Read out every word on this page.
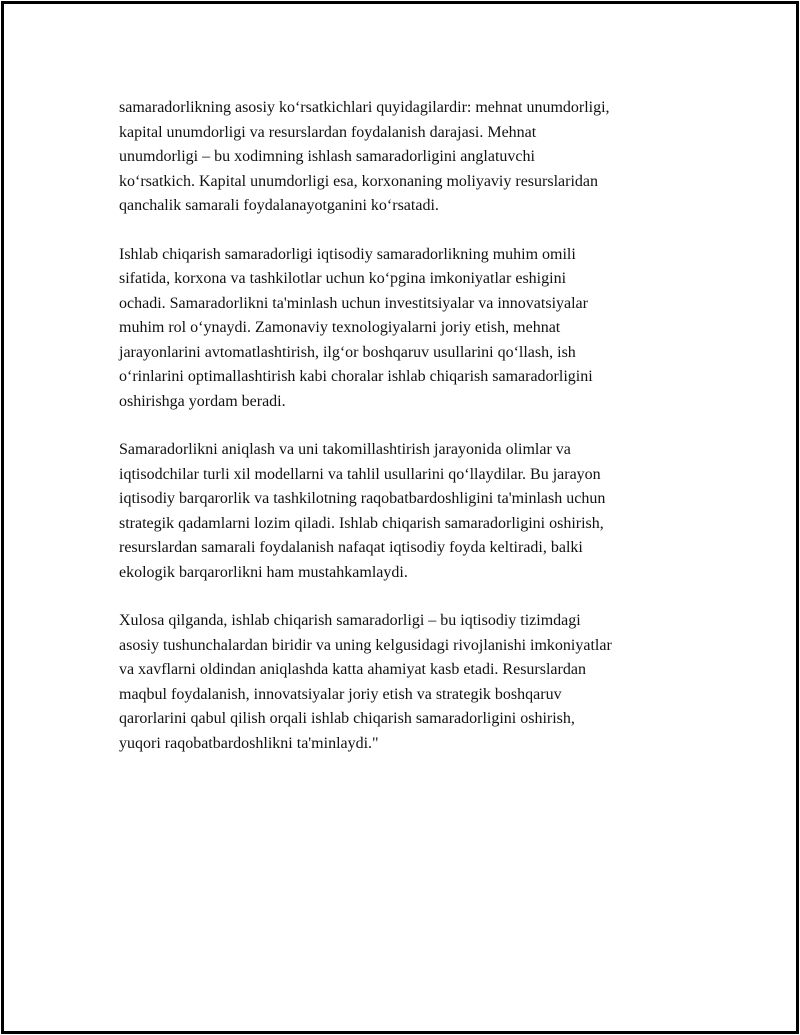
samaradorlikning asosiy ko‘rsatkichlari quyidagilardir: mehnat unumdorligi,
kapital unumdorligi va resurslardan foydalanish darajasi. Mehnat
unumdorligi – bu xodimning ishlash samaradorligini anglatuvchi
ko‘rsatkich. Kapital unumdorligi esa, korxonaning moliyaviy resurslaridan
qanchalik samarali foydalanayotganini ko‘rsatadi.

Ishlab chiqarish samaradorligi iqtisodiy samaradorlikning muhim omili
sifatida, korxona va tashkilotlar uchun ko‘pgina imkoniyatlar eshigini
ochadi. Samaradorlikni ta'minlash uchun investitsiyalar va innovatsiyalar
muhim rol o‘ynaydi. Zamonaviy texnologiyalarni joriy etish, mehnat
jarayonlarini avtomatlashtirish, ilg‘or boshqaruv usullarini qo‘llash, ish
o‘rinlarini optimallashtirish kabi choralar ishlab chiqarish samaradorligini
oshirishga yordam beradi.

Samaradorlikni aniqlash va uni takomillashtirish jarayonida olimlar va
iqtisodchilar turli xil modellarni va tahlil usullarini qo‘llaydilar. Bu jarayon
iqtisodiy barqarorlik va tashkilotning raqobatbardoshligini ta'minlash uchun
strategik qadamlarni lozim qiladi. Ishlab chiqarish samaradorligini oshirish,
resurslardan samarali foydalanish nafaqat iqtisodiy foyda keltiradi, balki
ekologik barqarorlikni ham mustahkamlaydi.

Xulosa qilganda, ishlab chiqarish samaradorligi – bu iqtisodiy tizimdagi
asosiy tushunchalardan biridir va uning kelgusidagi rivojlanishi imkoniyatlar
va xavflarni oldindan aniqlashda katta ahamiyat kasb etadi. Resurslardan
maqbul foydalanish, innovatsiyalar joriy etish va strategik boshqaruv
qarorlarini qabul qilish orqali ishlab chiqarish samaradorligini oshirish,
yuqori raqobatbardoshlikni ta'minlaydi."
